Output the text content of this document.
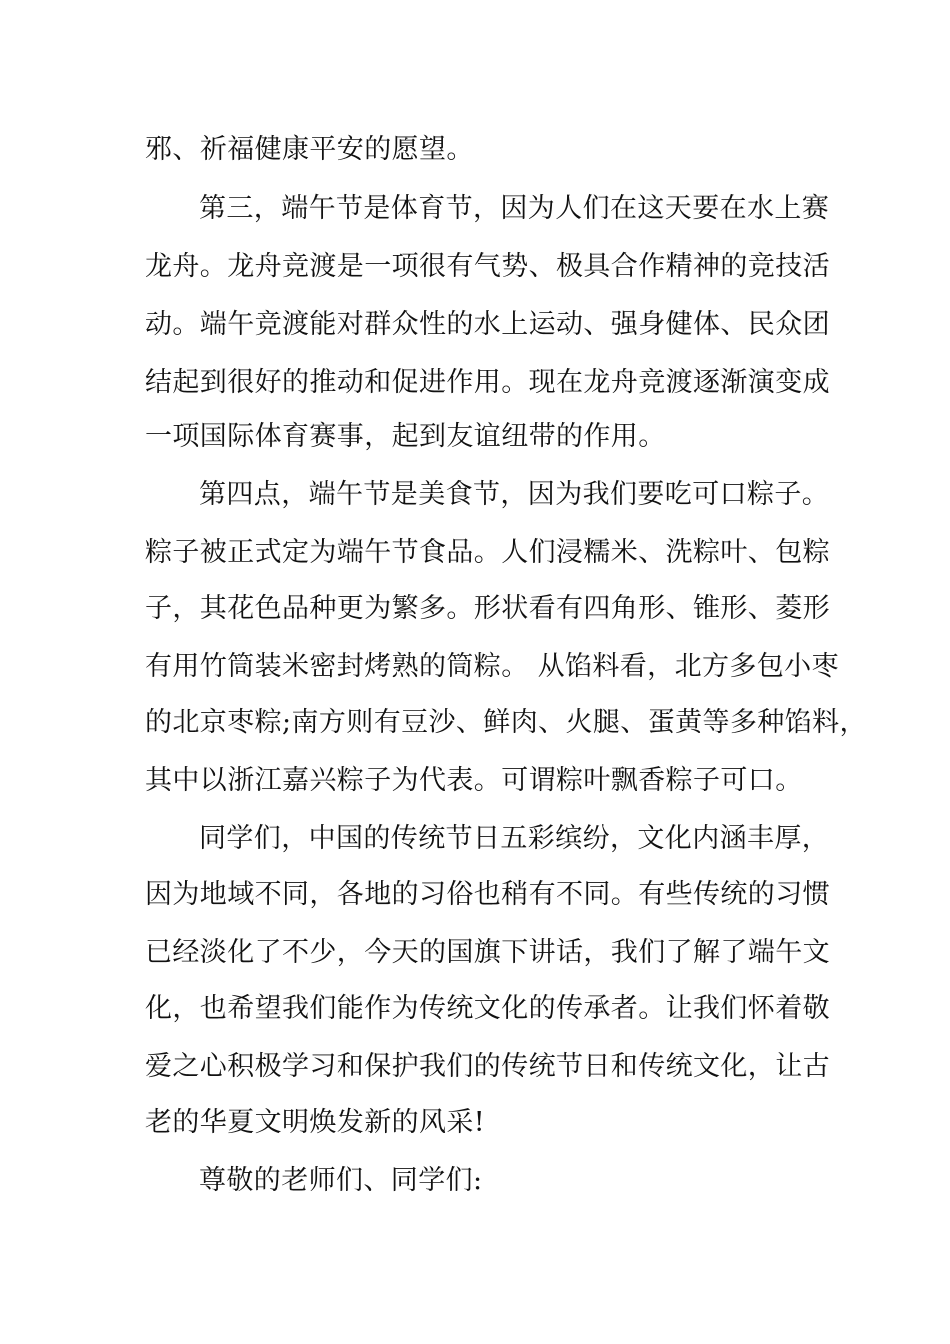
邪、祈福健康平安的愿望。
第三，端午节是体育节，因为人们在这天要在水上赛
龙舟。龙舟竞渡是一项很有气势、极具合作精神的竞技活
动。端午竞渡能对群众性的水上运动、强身健体、民众团
结起到很好的推动和促进作用。现在龙舟竞渡逐渐演变成
一项国际体育赛事，起到友谊纽带的作用。
第四点，端午节是美食节，因为我们要吃可口粽子。
粽子被正式定为端午节食品。人们浸糯米、洗粽叶、包粽
子，其花色品种更为繁多。形状看有四角形、锥形、菱形
有用竹筒装米密封烤熟的筒粽。 从馅料看，北方多包小枣
的北京枣粽;南方则有豆沙、鲜肉、火腿、蛋黄等多种馅料，
其中以浙江嘉兴粽子为代表。可谓粽叶飘香粽子可口。
同学们，中国的传统节日五彩缤纷，文化内涵丰厚，
因为地域不同，各地的习俗也稍有不同。有些传统的习惯
已经淡化了不少，今天的国旗下讲话，我们了解了端午文
化，也希望我们能作为传统文化的传承者。让我们怀着敬
爱之心积极学习和保护我们的传统节日和传统文化，让古
老的华夏文明焕发新的风采!
尊敬的老师们、同学们:
